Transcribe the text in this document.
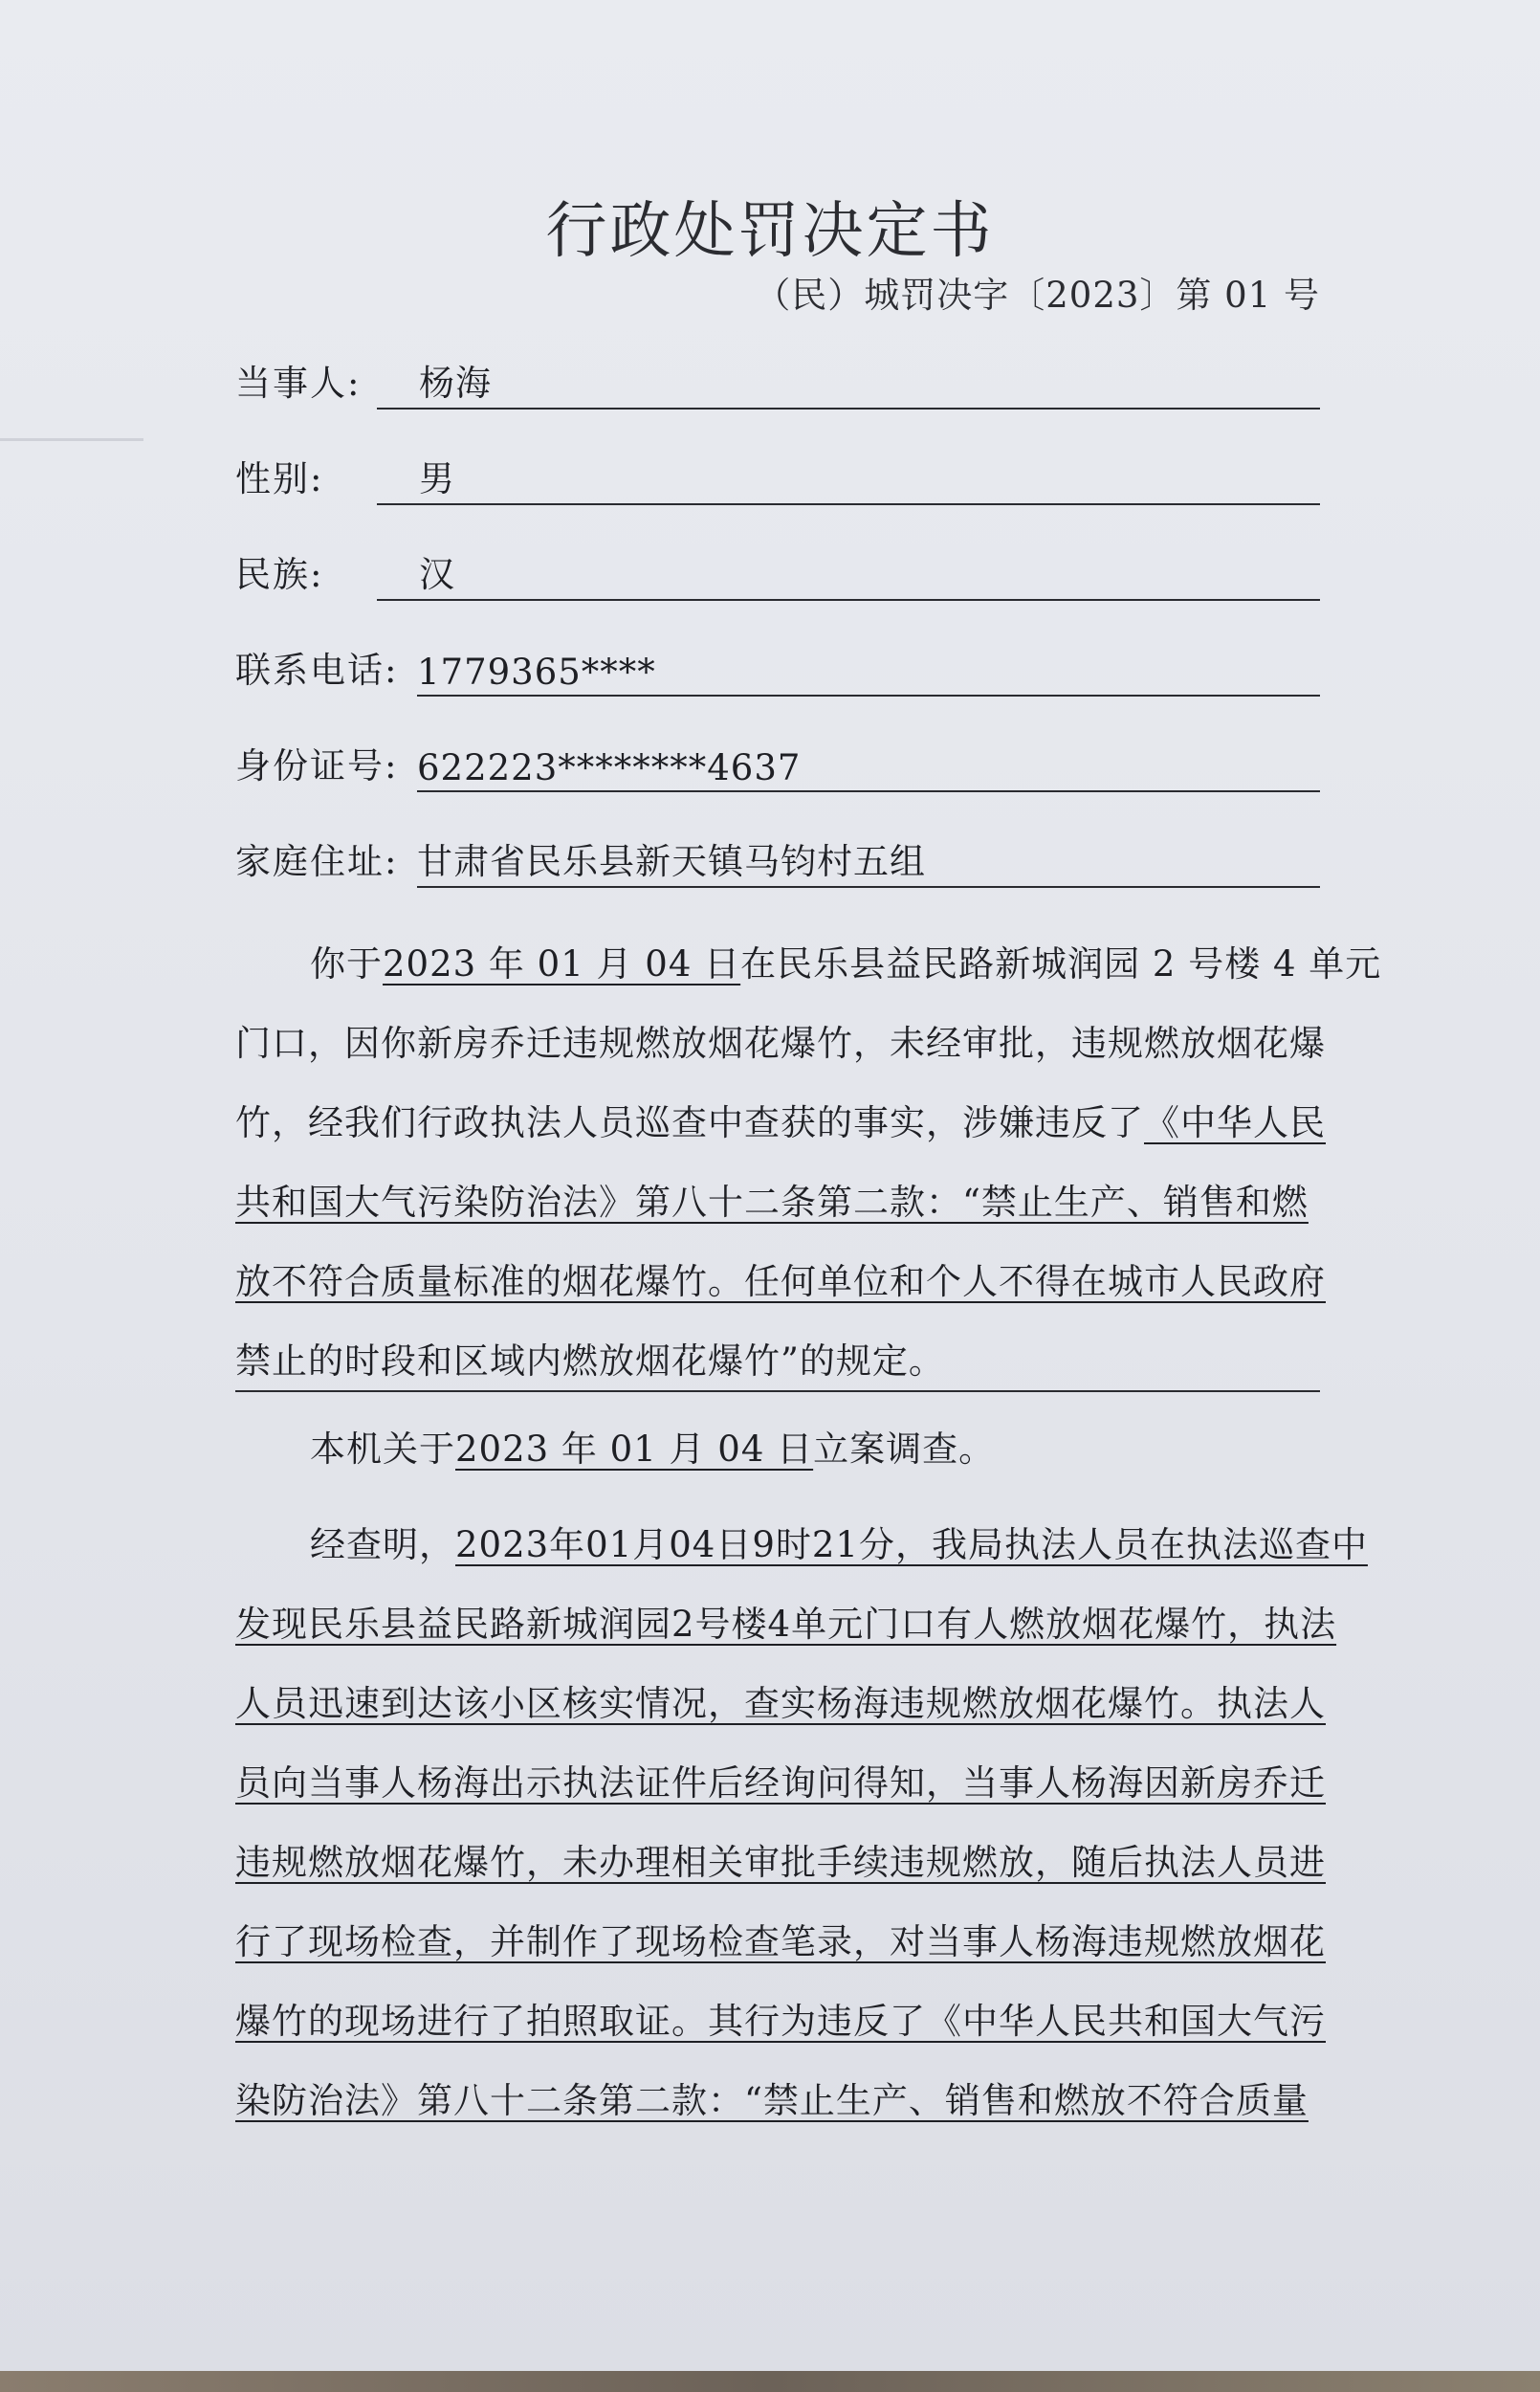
行政处罚决定书
（民）城罚决字〔2023〕第 01 号
当事人: 杨海
性别:	男
民族:	汉
联系电话: 1779365****
身份证号: 622223********4637
家庭住址: 甘肃省民乐县新天镇马钧村五组
你于2023 年 01 月 04 日在民乐县益民路新城润园 2 号楼 4 单元
门口，因你新房乔迁违规燃放烟花爆竹，未经审批，违规燃放烟花爆
竹，经我们行政执法人员巡查中查获的事实，涉嫌违反了《中华人民
共和国大气污染防治法》第八十二条第二款：“禁止生产、销售和燃
放不符合质量标准的烟花爆竹。任何单位和个人不得在城市人民政府
禁止的时段和区域内燃放烟花爆竹”的规定。
本机关于2023 年 01 月 04 日立案调查。
经查明，2023年01月04日9时21分，我局执法人员在执法巡查中
发现民乐县益民路新城润园2号楼4单元门口有人燃放烟花爆竹，执法
人员迅速到达该小区核实情况，查实杨海违规燃放烟花爆竹。执法人
员向当事人杨海出示执法证件后经询问得知，当事人杨海因新房乔迁
违规燃放烟花爆竹，未办理相关审批手续违规燃放，随后执法人员进
行了现场检查，并制作了现场检查笔录，对当事人杨海违规燃放烟花
爆竹的现场进行了拍照取证。其行为违反了《中华人民共和国大气污
染防治法》第八十二条第二款：“禁止生产、销售和燃放不符合质量
